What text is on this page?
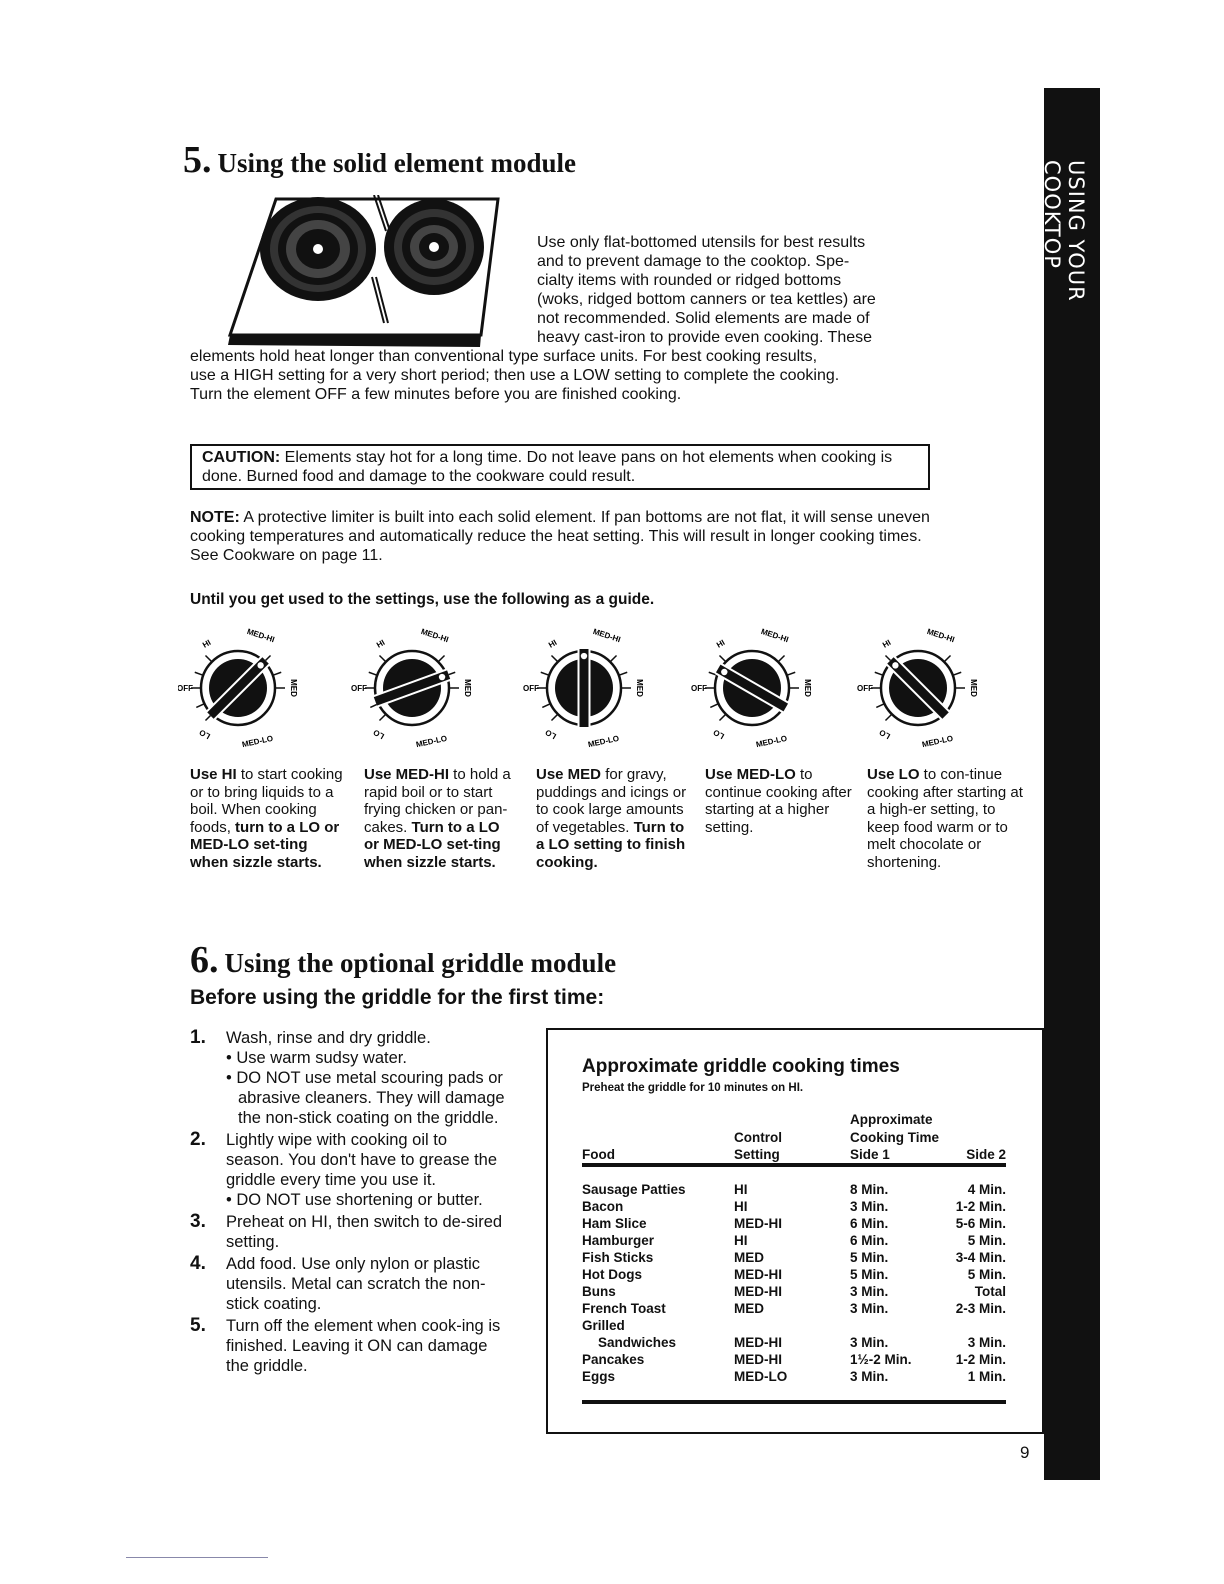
USING YOUR COOKTOP
5. Using the solid element module
Use only flat-bottomed utensils for best results
and to prevent damage to the cooktop. Spe-
cialty items with rounded or ridged bottoms
(woks, ridged bottom canners or tea kettles) are
not recommended. Solid elements are made of
heavy cast-iron to provide even cooking. These
elements hold heat longer than conventional type surface units. For best cooking results,
use a HIGH setting for a very short period; then use a LOW setting to complete the cooking.
Turn the element OFF a few minutes before you are finished cooking.
CAUTION: Elements stay hot for a long time. Do not leave pans on hot elements when cooking is done. Burned food and damage to the cookware could result.
NOTE: A protective limiter is built into each solid element. If pan bottoms are not flat, it will sense uneven cooking temperatures and automatically reduce the heat setting. This will result in longer cooking times. See Cookware on page 11.
Until you get used to the settings, use the following as a guide.
OFF
HI	MED-HI
MED
LO	MED-LO
OFF
HI	MED-HI
MED
LO	MED-LO
OFF
HI	MED-HI
MED
LO	MED-LO
OFF
HI	MED-HI
MED
LO	MED-LO
OFF
HI	MED-HI
MED
LO	MED-LO
Use HI to start cooking or to bring liquids to a boil. When cooking foods, turn to a LO or MED-LO set-ting when sizzle starts.
Use MED-HI to hold a rapid boil or to start frying chicken or pan-cakes. Turn to a LO or MED-LO set-ting when sizzle starts.
Use MED for gravy, puddings and icings or to cook large amounts of vegetables. Turn to a LO setting to finish cooking.
Use MED-LO to continue cooking after starting at a higher setting.
Use LO to con-tinue cooking after starting at a high-er setting, to keep food warm or to melt chocolate or shortening.
6. Using the optional griddle module
Before using the griddle for the first time:
1. Wash, rinse and dry griddle.
• Use warm sudsy water.
• DO NOT use metal scouring pads or abrasive cleaners. They will damage the non-stick coating on the griddle.
2. Lightly wipe with cooking oil to season. You don't have to grease the griddle every time you use it.
• DO NOT use shortening or butter.
3. Preheat on HI, then switch to de-sired setting.
4. Add food. Use only nylon or plastic utensils. Metal can scratch the non-stick coating.
5. Turn off the element when cook-ing is finished. Leaving it ON can damage the griddle.
Approximate griddle cooking times
Preheat the griddle for 10 minutes on HI.
Approximate
Control	Cooking Time
Food	Setting	Side 1	Side 2

Sausage Patties	HI	8 Min.	4 Min.
Bacon	HI	3 Min.	1-2 Min.
Ham Slice	MED-HI	6 Min.	5-6 Min.
Hamburger	HI	6 Min.	5 Min.
Fish Sticks	MED	5 Min.	3-4 Min.
Hot Dogs	MED-HI	5 Min.	5 Min.
Buns	MED-HI	3 Min.	Total
French Toast	MED	3 Min.	2-3 Min.
Grilled			
Sandwiches	MED-HI	3 Min.	3 Min.
Pancakes	MED-HI	1½-2 Min.	1-2 Min.
Eggs	MED-LO	3 Min.	1 Min.
9
